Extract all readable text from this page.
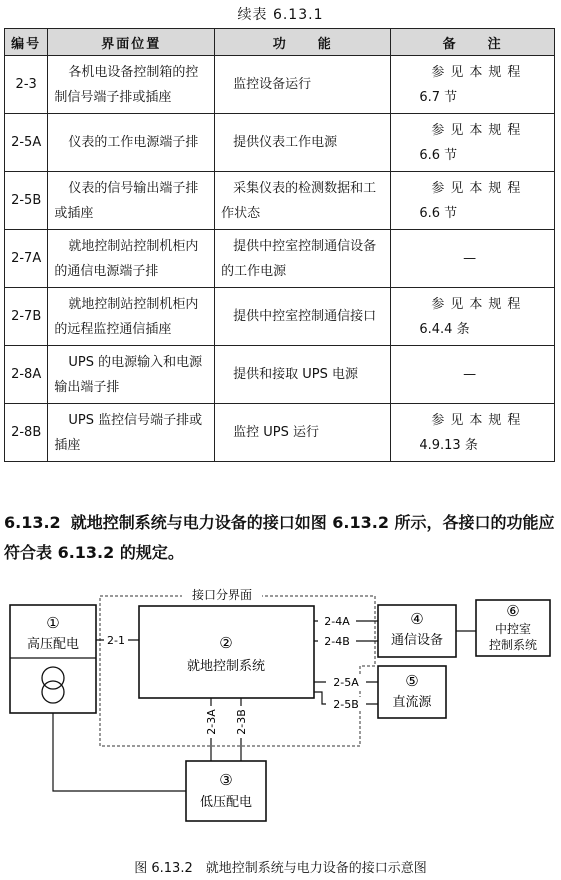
续表 6.13.1
编号	界面位置	功　　能	备　　注
2-3	各机电设备控制箱的控制信号端子排或插座	监控设备运行	参见本规程
6.7 节

2-5A	仪表的工作电源端子排	提供仪表工作电源	参见本规程
6.6 节

2-5B	仪表的信号输出端子排或插座	采集仪表的检测数据和工作状态	参见本规程
6.6 节

2-7A	就地控制站控制机柜内的通信电源端子排	提供中控室控制通信设备的工作电源	—
2-7B	就地控制站控制机柜内的远程监控通信插座	提供中控室控制通信接口	参见本规程
6.4.4 条

2-8A	UPS 的电源输入和电源输出端子排	提供和接取 UPS 电源	—
2-8B	UPS 监控信号端子排或插座	监控 UPS 运行	参见本规程
4.9.13 条
6.13.2 就地控制系统与电力设备的接口如图 6.13.2 所示，各接口的功能应符合表 6.13.2 的规定。
接口分界面
①
高压配电	②
就地控制系统
2-1
③
低压配电
2-3A 2-3B
④
通信设备
⑥
中控室
控制系统
2-4A
2-4B
⑤
直流源
2-5A
2-5B
图 6.13.2　就地控制系统与电力设备的接口示意图
